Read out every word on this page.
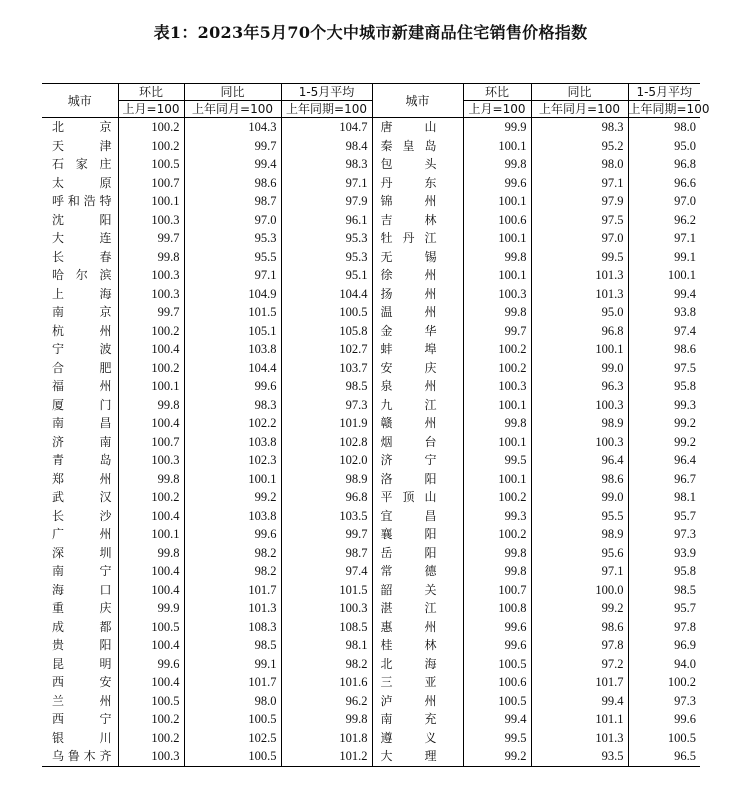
表1：2023年5月70个大中城市新建商品住宅销售价格指数
城市	环比	同比	1-5月平均	城市	环比	同比	1-5月平均
	上月=100	上年同月=100	上年同期=100		上月=100	上年同月=100	上年同期=100
北　京	100.2	104.3	104.7	唐　山	99.9	98.3	98.0
天　津	100.2	99.7	98.4	秦皇岛	100.1	95.2	95.0
石家庄	100.5	99.4	98.3	包　头	99.8	98.0	96.8
太　原	100.7	98.6	97.1	丹　东	99.6	97.1	96.6
呼和浩特	100.1	98.7	97.9	锦　州	100.1	97.9	97.0
沈　阳	100.3	97.0	96.1	吉　林	100.6	97.5	96.2
大　连	99.7	95.3	95.3	牡丹江	100.1	97.0	97.1
长　春	99.8	95.5	95.3	无　锡	99.8	99.5	99.1
哈尔滨	100.3	97.1	95.1	徐　州	100.1	101.3	100.1
上　海	100.3	104.9	104.4	扬　州	100.3	101.3	99.4
南　京	99.7	101.5	100.5	温　州	99.8	95.0	93.8
杭　州	100.2	105.1	105.8	金　华	99.7	96.8	97.4
宁　波	100.4	103.8	102.7	蚌　埠	100.2	100.1	98.6
合　肥	100.2	104.4	103.7	安　庆	100.2	99.0	97.5
福　州	100.1	99.6	98.5	泉　州	100.3	96.3	95.8
厦　门	99.8	98.3	97.3	九　江	100.1	100.3	99.3
南　昌	100.4	102.2	101.9	赣　州	99.8	98.9	99.2
济　南	100.7	103.8	102.8	烟　台	100.1	100.3	99.2
青　岛	100.3	102.3	102.0	济　宁	99.5	96.4	96.4
郑　州	99.8	100.1	98.9	洛　阳	100.1	98.6	96.7
武　汉	100.2	99.2	96.8	平顶山	100.2	99.0	98.1
长　沙	100.4	103.8	103.5	宜　昌	99.3	95.5	95.7
广　州	100.1	99.6	99.7	襄　阳	100.2	98.9	97.3
深　圳	99.8	98.2	98.7	岳　阳	99.8	95.6	93.9
南　宁	100.4	98.2	97.4	常　德	99.8	97.1	95.8
海　口	100.4	101.7	101.5	韶　关	100.7	100.0	98.5
重　庆	99.9	101.3	100.3	湛　江	100.8	99.2	95.7
成　都	100.5	108.3	108.5	惠　州	99.6	98.6	97.8
贵　阳	100.4	98.5	98.1	桂　林	99.6	97.8	96.9
昆　明	99.6	99.1	98.2	北　海	100.5	97.2	94.0
西　安	100.4	101.7	101.6	三　亚	100.6	101.7	100.2
兰　州	100.5	98.0	96.2	泸　州	100.5	99.4	97.3
西　宁	100.2	100.5	99.8	南　充	99.4	101.1	99.6
银　川	100.2	102.5	101.8	遵　义	99.5	101.3	100.5
乌鲁木齐	100.3	100.5	101.2	大　理	99.2	93.5	96.5
